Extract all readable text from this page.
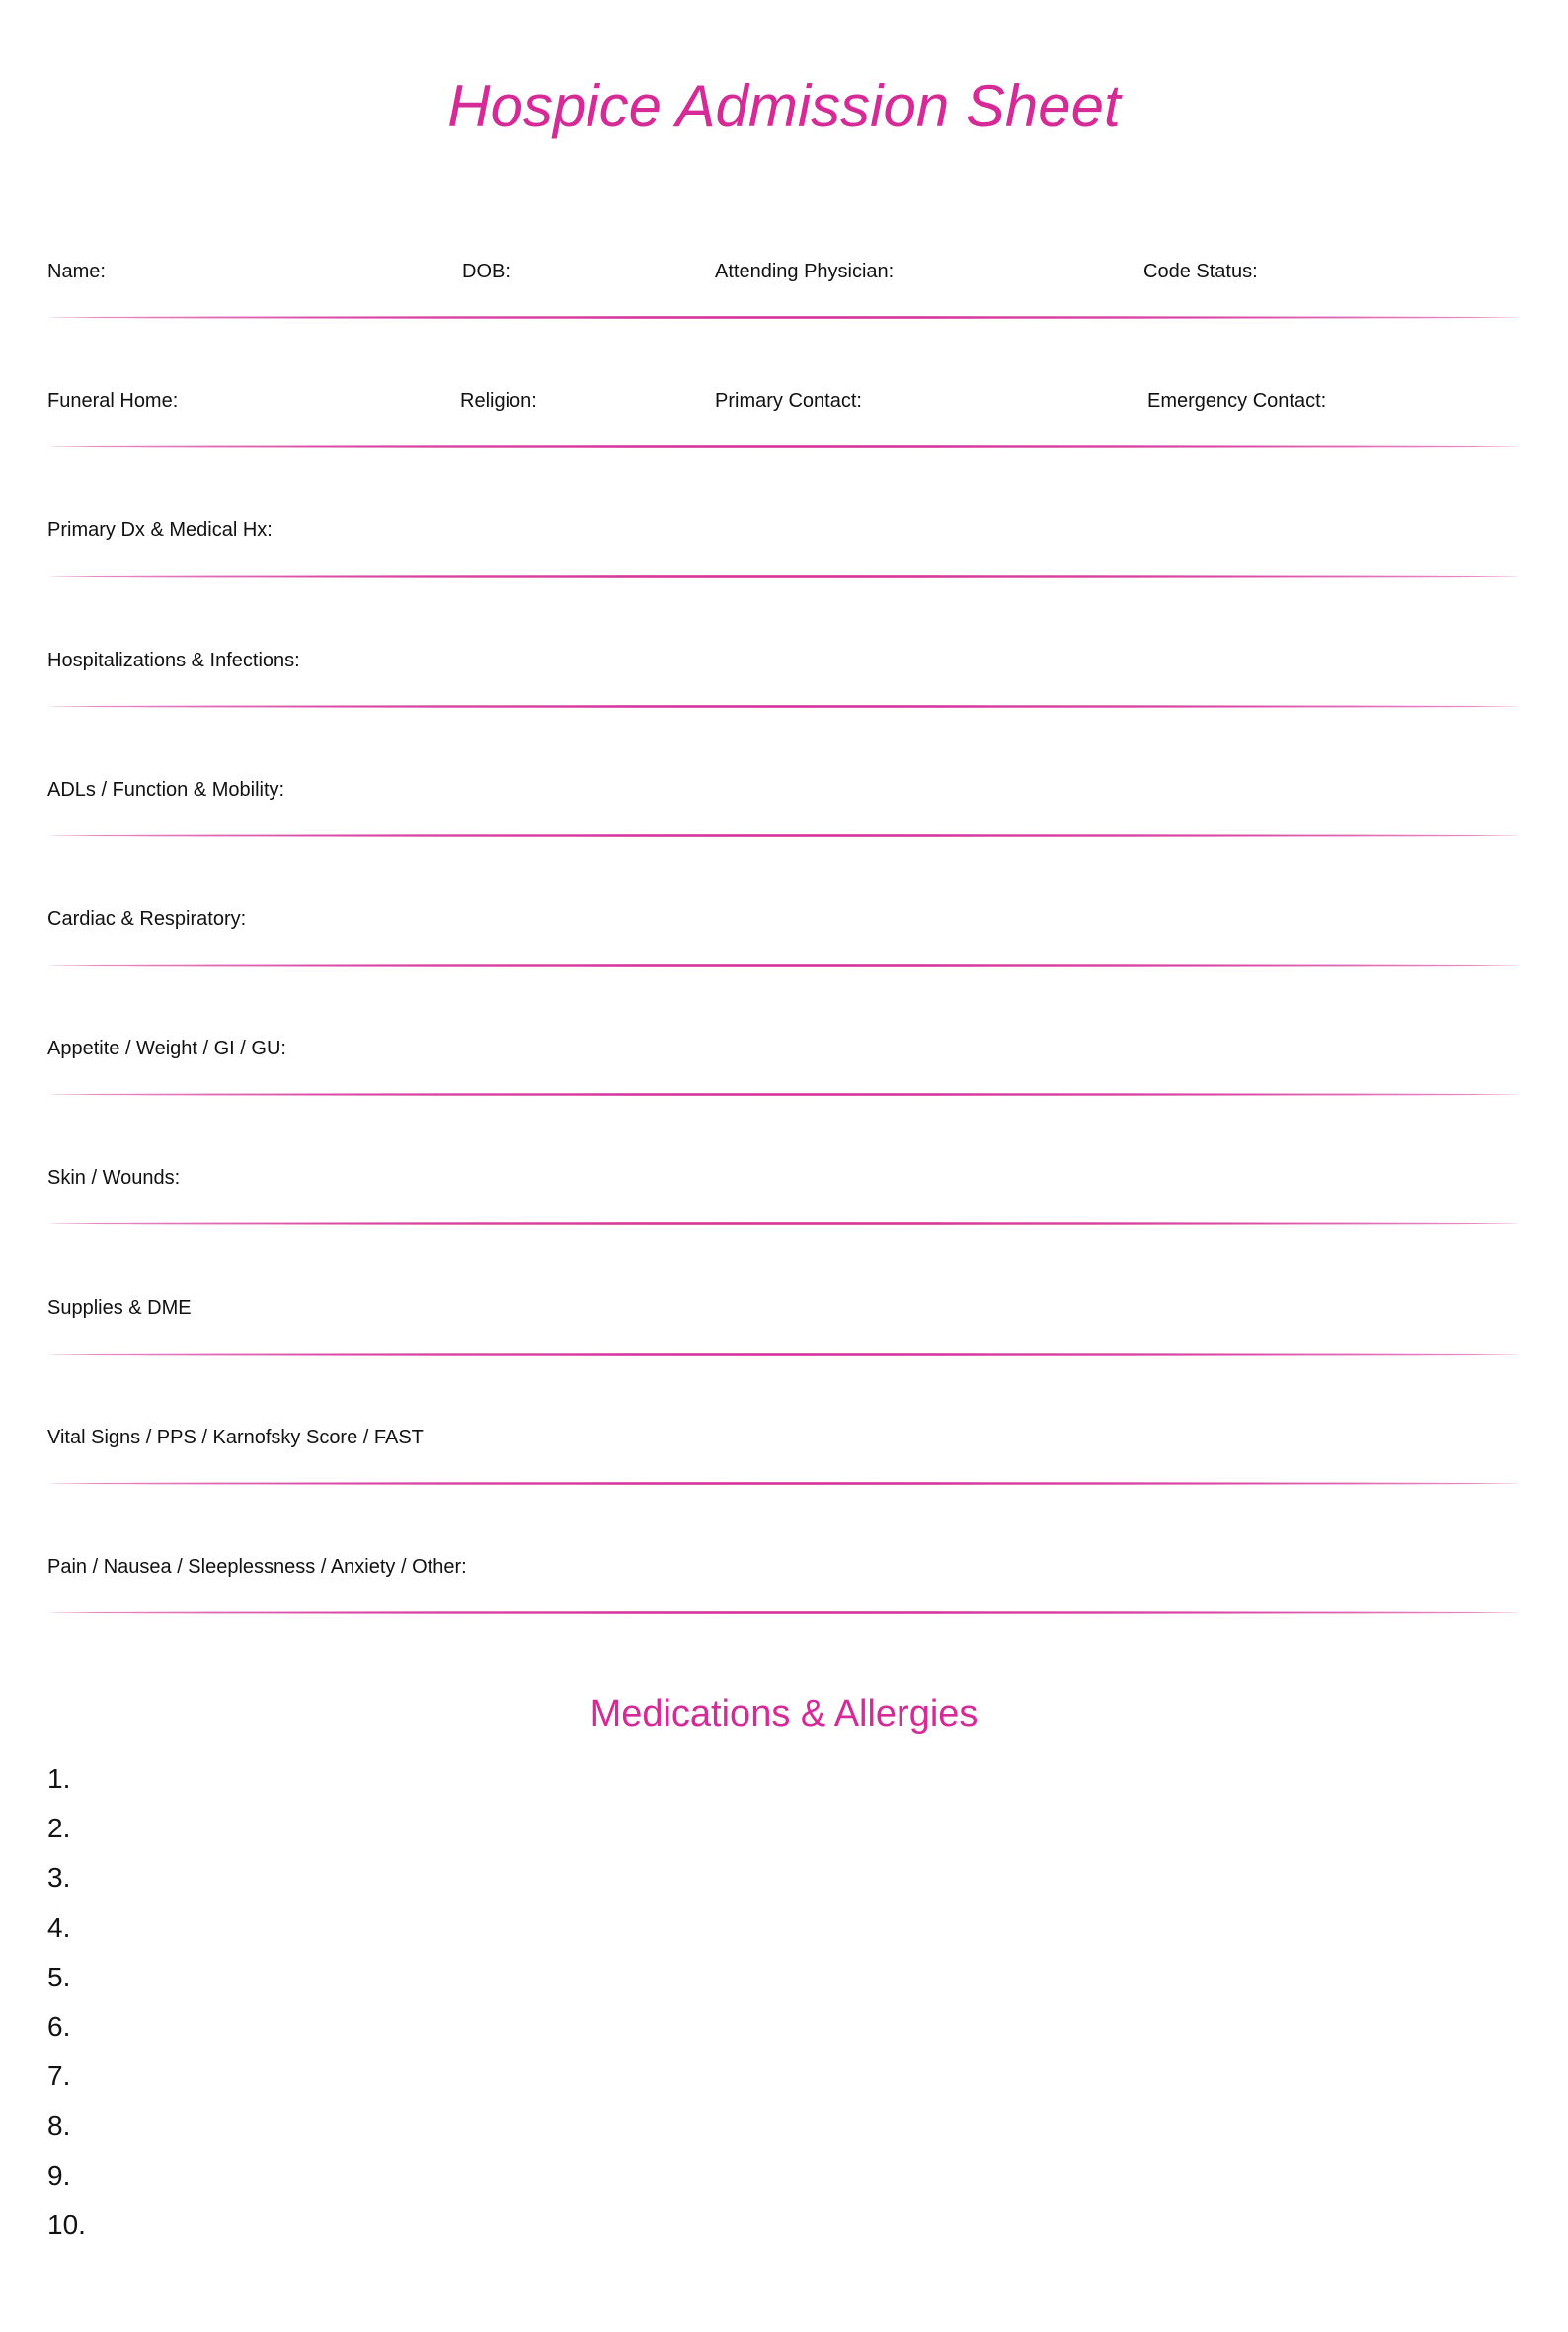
Hospice Admission Sheet
Name:	DOB:	Attending Physician:	Code Status:
Funeral Home:	Religion:	Primary Contact:	Emergency Contact:
Primary Dx & Medical Hx:
Hospitalizations & Infections:
ADLs / Function & Mobility:
Cardiac & Respiratory:
Appetite / Weight / GI / GU:
Skin / Wounds:
Supplies & DME
Vital Signs / PPS / Karnofsky Score / FAST
Pain / Nausea / Sleeplessness / Anxiety / Other:
Medications & Allergies
1.
2.
3.
4.
5.
6.
7.
8.
9.
10.
